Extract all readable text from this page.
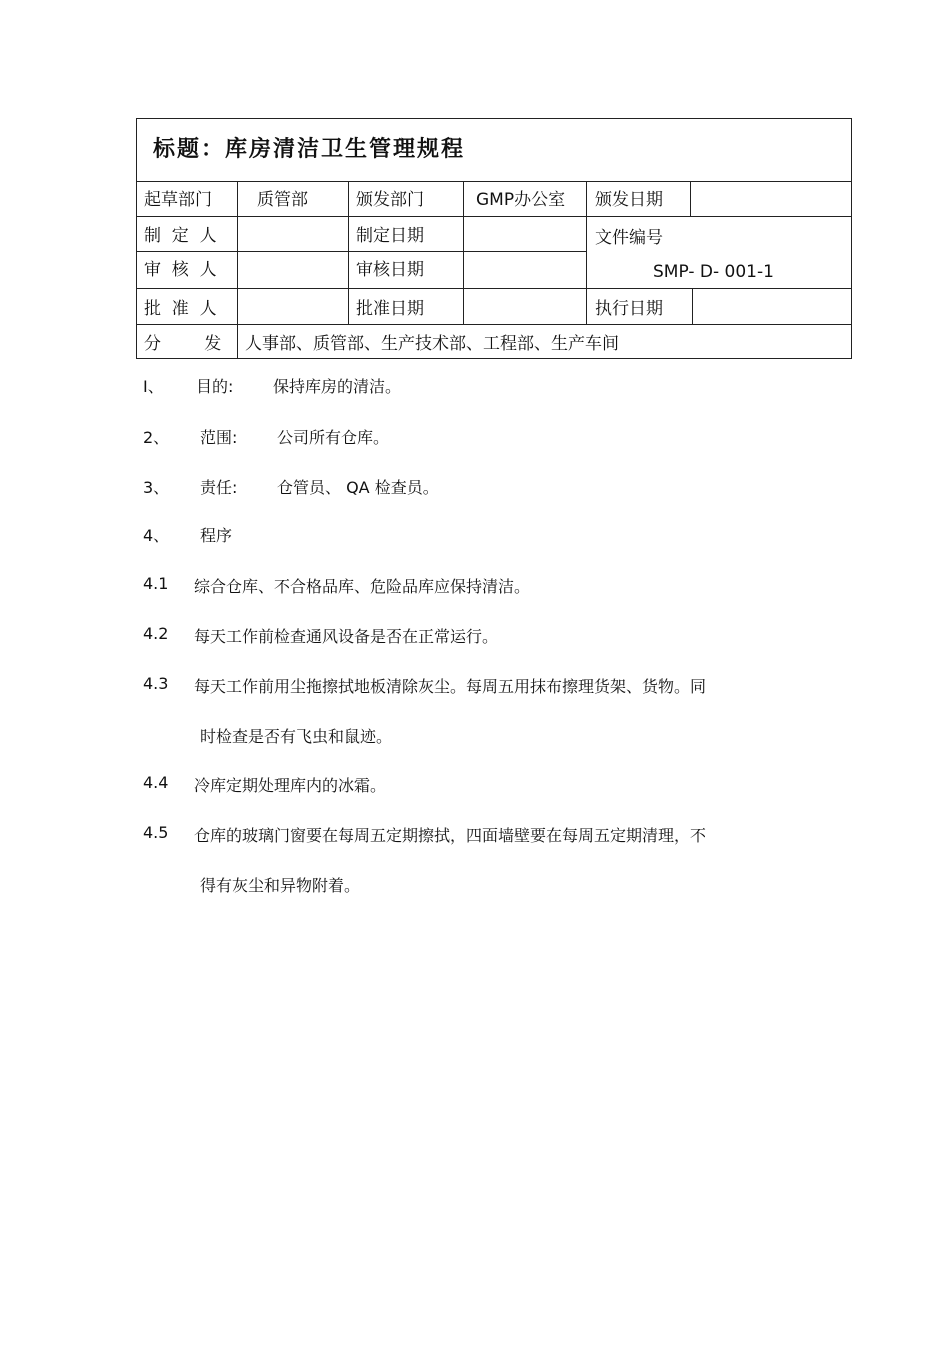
标题：库房清洁卫生管理规程
起草部门	质管部	颁发部门	GMP办公室 颁发日期
制  定  人	制定日期	文件编号
SMP- D- 001-1
审  核  人	审核日期
批  准  人	批准日期	执行日期
分        发 人事部、质管部、生产技术部、工程部、生产车间
I、 目的: 保持库房的清洁。
2、 范围: 公司所有仓库。
3、 责任: 仓管员、 QA 检查员。
4、 程序
4.1 综合仓库、不合格品库、危险品库应保持清洁。
4.2 每天工作前检查通风设备是否在正常运行。
4.3 每天工作前用尘拖擦拭地板清除灰尘。每周五用抹布擦理货架、货物。同
时检查是否有飞虫和鼠迹。
4.4 冷库定期处理库内的冰霜。
4.5 仓库的玻璃门窗要在每周五定期擦拭，四面墙壁要在每周五定期清理，不
得有灰尘和异物附着。
